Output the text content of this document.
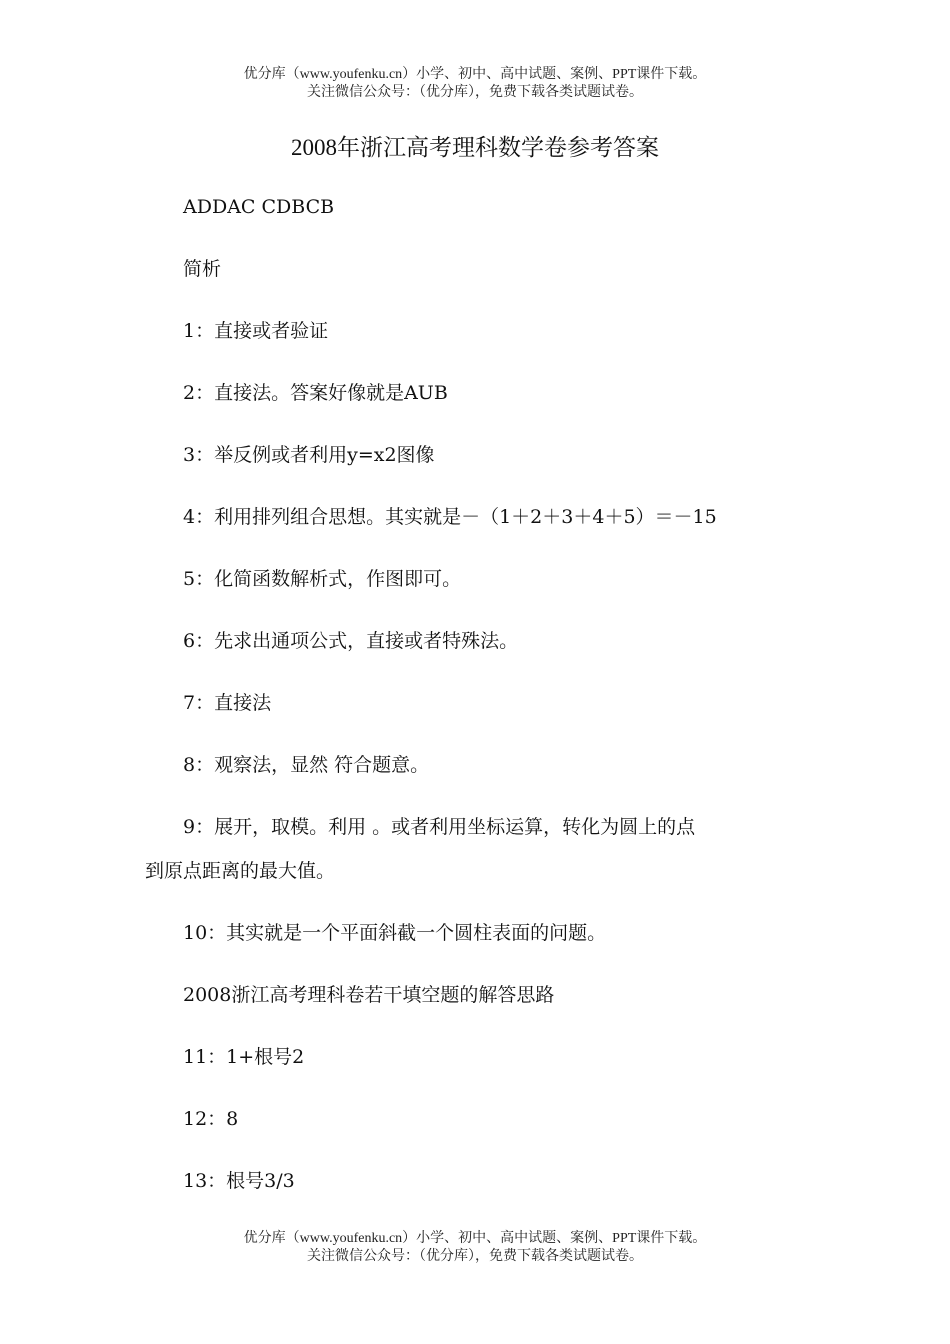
优分库（www.youfenku.cn）小学、初中、高中试题、案例、PPT课件下载。
关注微信公众号：（优分库），免费下载各类试题试卷。
2008年浙江高考理科数学卷参考答案
ADDAC CDBCB
简析
1：直接或者验证
2：直接法。答案好像就是AUB
3：举反例或者利用y=x2图像
4：利用排列组合思想。其实就是－（1＋2＋3＋4＋5）＝－15
5：化简函数解析式，作图即可。
6：先求出通项公式，直接或者特殊法。
7：直接法
8：观察法，显然 符合题意。
9：展开，取模。利用 。或者利用坐标运算，转化为圆上的点
到原点距离的最大值。
10：其实就是一个平面斜截一个圆柱表面的问题。
2008浙江高考理科卷若干填空题的解答思路
11：1+根号2
12：8
13：根号3/3
优分库（www.youfenku.cn）小学、初中、高中试题、案例、PPT课件下载。
关注微信公众号：（优分库），免费下载各类试题试卷。
